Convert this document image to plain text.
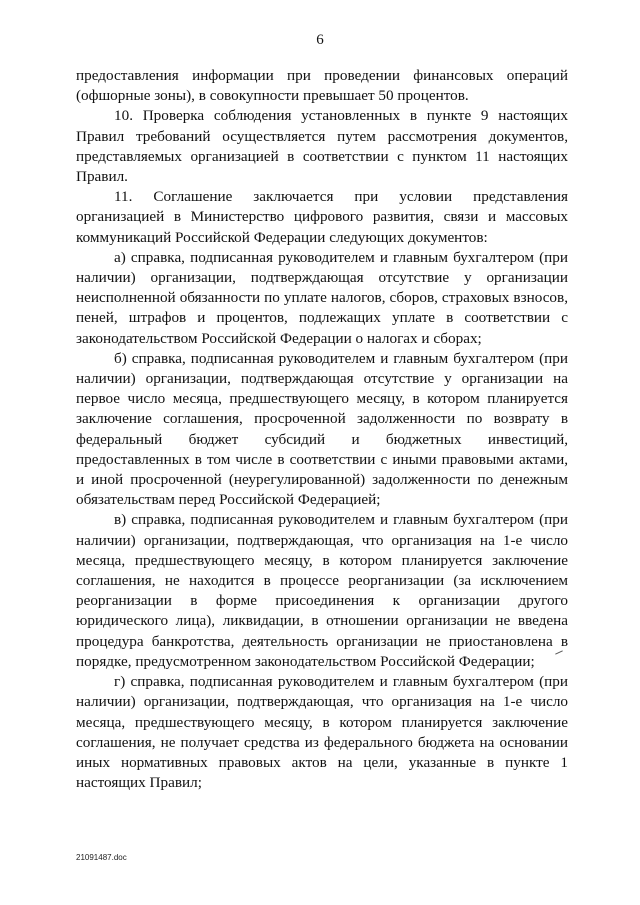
6

предоставления информации при проведении финансовых операций (офшорные зоны), в совокупности превышает 50 процентов.

10. Проверка соблюдения установленных в пункте 9 настоящих Правил требований осуществляется путем рассмотрения документов, представляемых организацией в соответствии с пунктом 11 настоящих Правил.

11. Соглашение заключается при условии представления организацией в Министерство цифрового развития, связи и массовых коммуникаций Российской Федерации следующих документов:

а) справка, подписанная руководителем и главным бухгалтером (при наличии) организации, подтверждающая отсутствие у организации неисполненной обязанности по уплате налогов, сборов, страховых взносов, пеней, штрафов и процентов, подлежащих уплате в соответствии с законодательством Российской Федерации о налогах и сборах;

б) справка, подписанная руководителем и главным бухгалтером (при наличии) организации, подтверждающая отсутствие у организации на первое число месяца, предшествующего месяцу, в котором планируется заключение соглашения, просроченной задолженности по возврату в федеральный бюджет субсидий и бюджетных инвестиций, предоставленных в том числе в соответствии с иными правовыми актами, и иной просроченной (неурегулированной) задолженности по денежным обязательствам перед Российской Федерацией;

в) справка, подписанная руководителем и главным бухгалтером (при наличии) организации, подтверждающая, что организация на 1-е число месяца, предшествующего месяцу, в котором планируется заключение соглашения, не находится в процессе реорганизации (за исключением реорганизации в форме присоединения к организации другого юридического лица), ликвидации, в отношении организации не введена процедура банкротства, деятельность организации не приостановлена в порядке, предусмотренном законодательством Российской Федерации;

г) справка, подписанная руководителем и главным бухгалтером (при наличии) организации, подтверждающая, что организация на 1-е число месяца, предшествующего месяцу, в котором планируется заключение соглашения, не получает средства из федерального бюджета на основании иных нормативных правовых актов на цели, указанные в пункте 1 настоящих Правил;

21091487.doc
